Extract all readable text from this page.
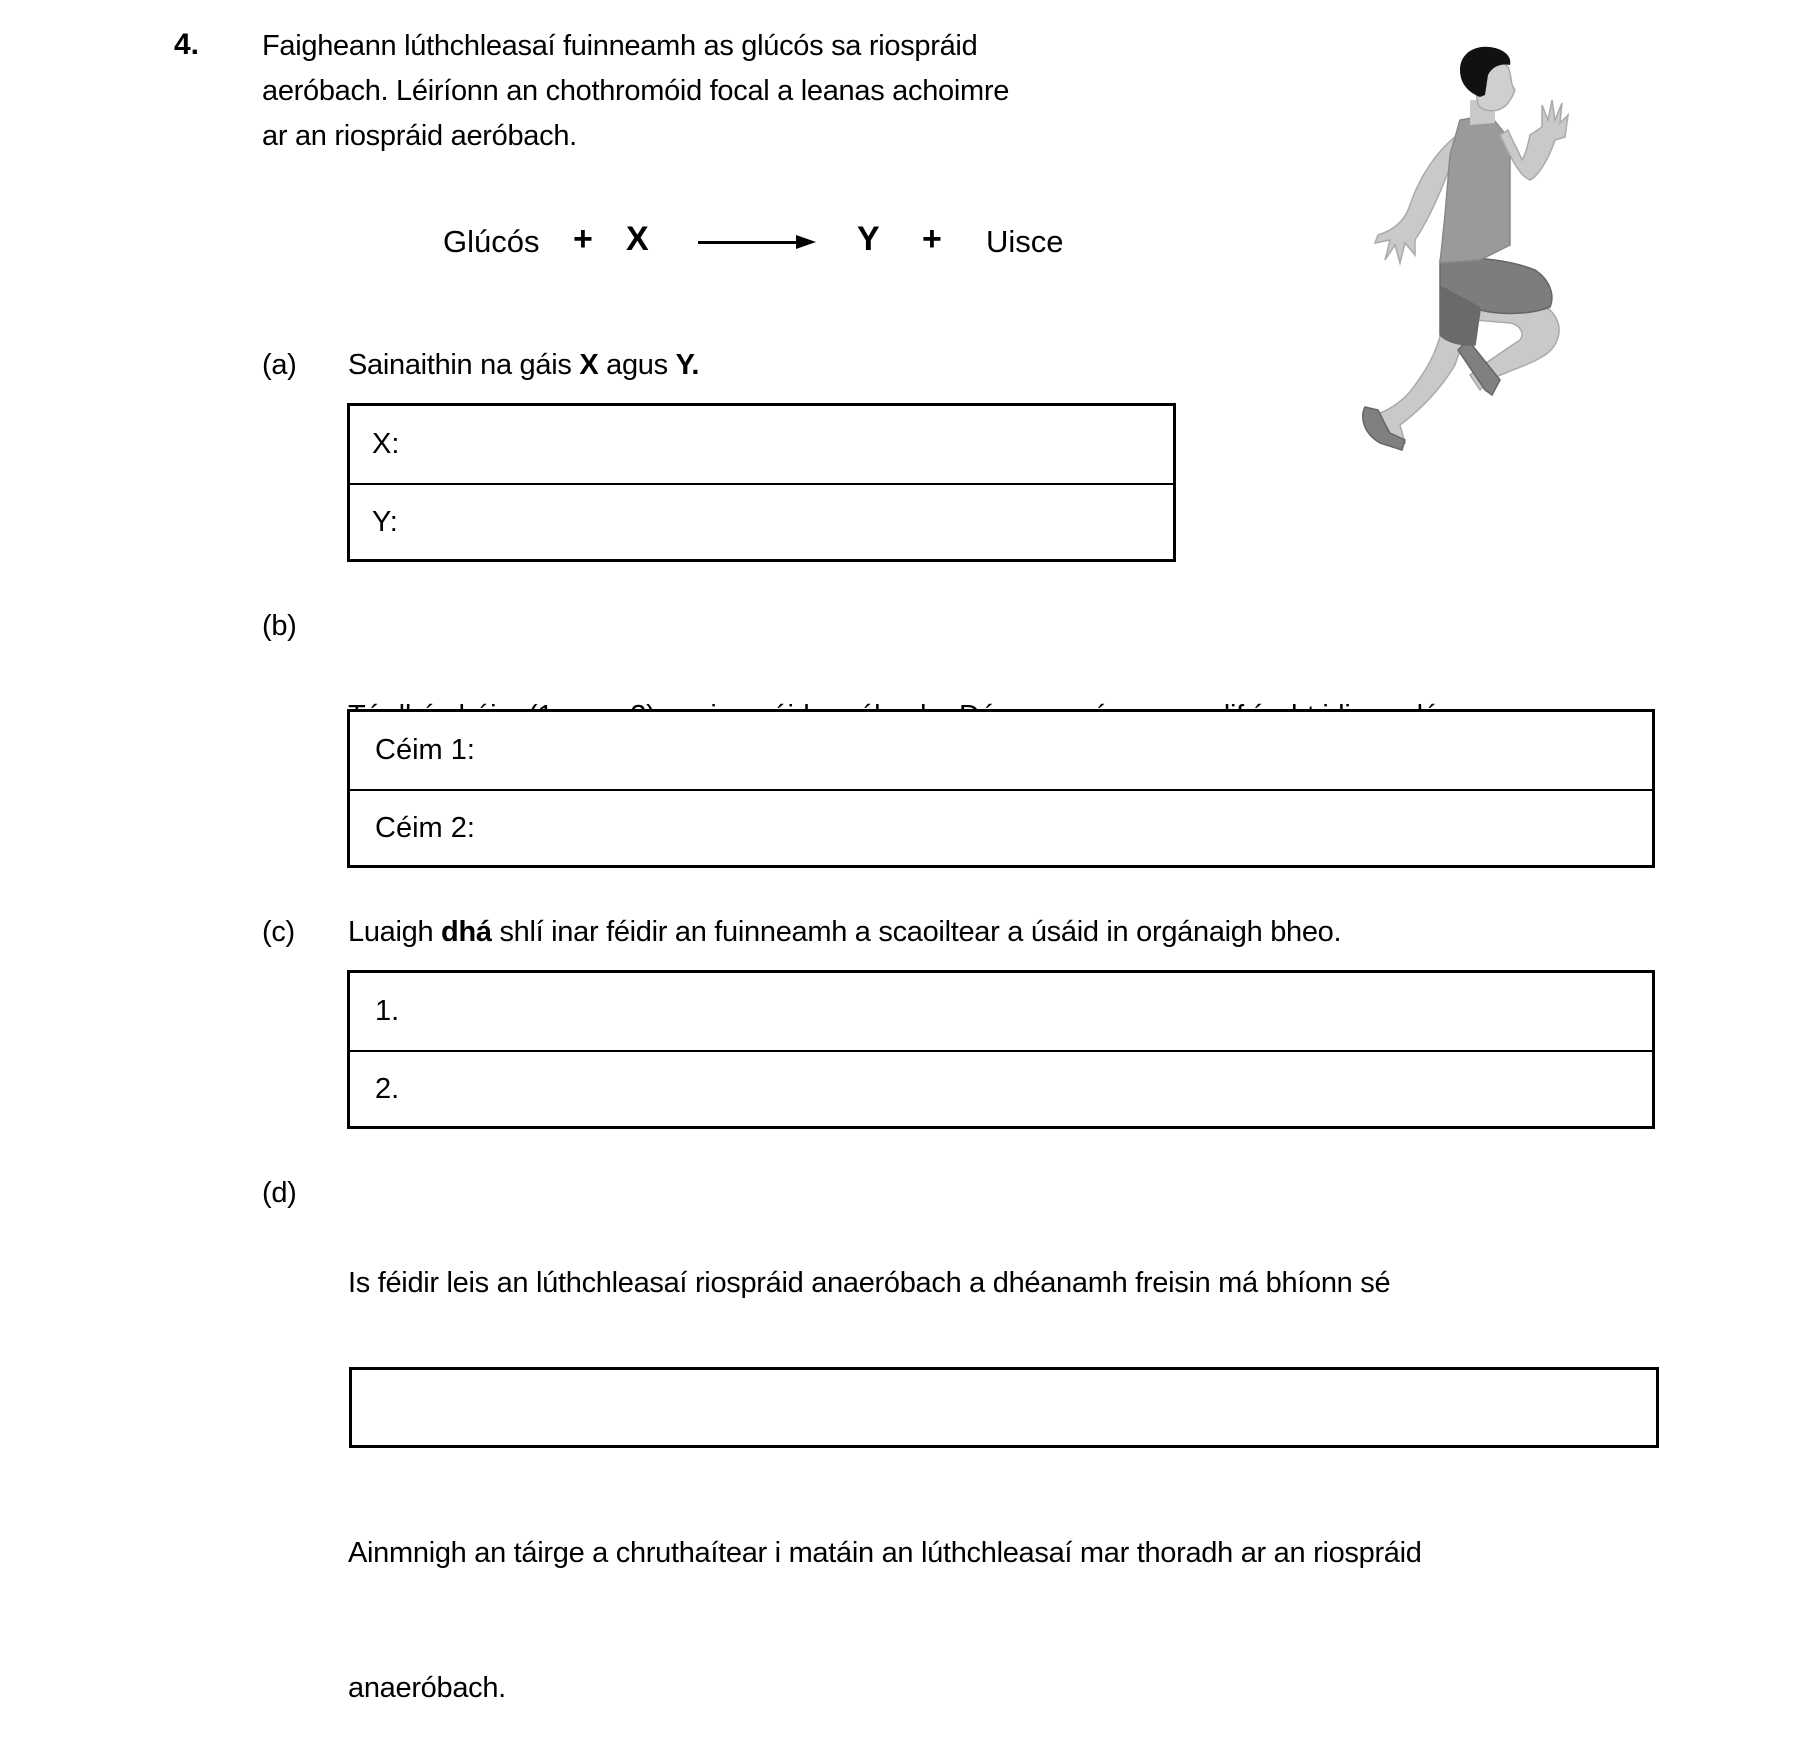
4. Faigheann lúthchleasaí fuinneamh as glúcós sa riospráid
aeróbach. Léiríonn an chothromóid focal a leanas achoimre
ar an riospráid aeróbach.
Glúcós + X	Y + Uisce
(a) Sainaithin na gáis X agus Y.
X:
Y:
(b)

Céim 1:
Céim 2:
(c) Luaigh dhá shlí inar féidir an fuinneamh a scaoiltear a úsáid in orgánaigh bheo.
1.
2.
(d)

Is féidir leis an lúthchleasaí riospráid anaeróbach a dhéanamh freisin má bhíonn sé

Ainmnigh an táirge a chruthaítear i matáin an lúthchleasaí mar thoradh ar an riospráid

anaeróbach.
